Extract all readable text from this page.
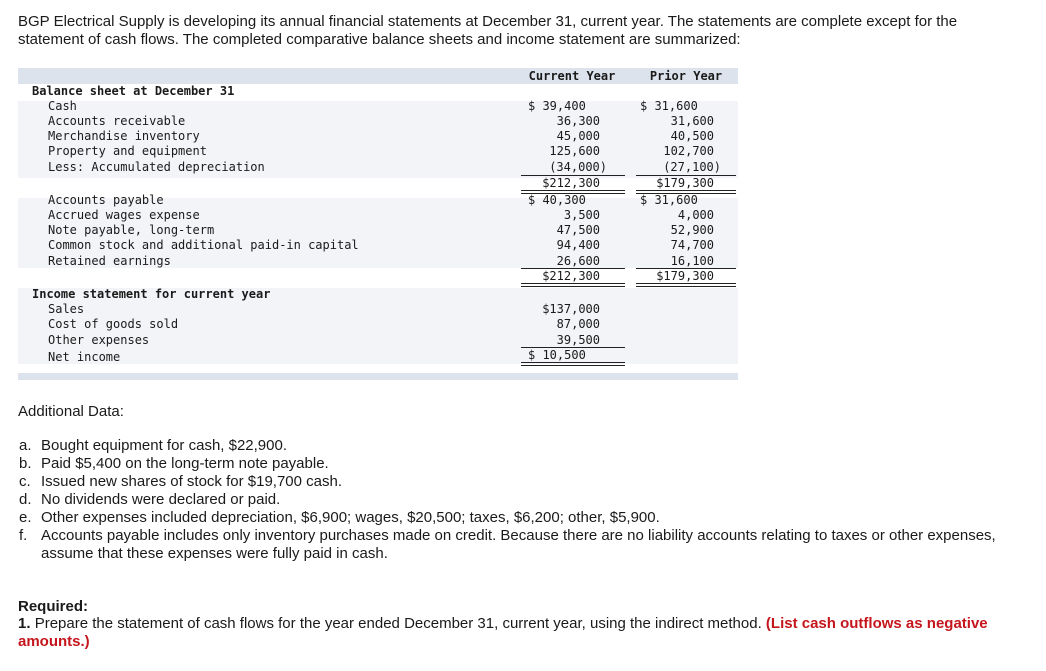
BGP Electrical Supply is developing its annual financial statements at December 31, current year. The statements are complete except for the statement of cash flows. The completed comparative balance sheets and income statement are summarized:
Current Year	Prior Year
Balance sheet at December 31
Cash	$ 39,400	$ 31,600
Accounts receivable	36,300	31,600
Merchandise inventory	45,000	40,500
Property and equipment	125,600	102,700
Less: Accumulated depreciation	(34,000)	(27,100)
$212,300	$179,300
Accounts payable	$ 40,300	$ 31,600
Accrued wages expense	3,500	4,000
Note payable, long-term	47,500	52,900
Common stock and additional paid-in capital	94,400	74,700
Retained earnings	26,600	16,100
$212,300	$179,300
Income statement for current year
Sales	$137,000
Cost of goods sold	87,000
Other expenses	39,500
Net income	$ 10,500
Additional Data:
a. Bought equipment for cash, $22,900.
b. Paid $5,400 on the long-term note payable.
c. Issued new shares of stock for $19,700 cash.
d. No dividends were declared or paid.
e. Other expenses included depreciation, $6,900; wages, $20,500; taxes, $6,200; other, $5,900.
f. Accounts payable includes only inventory purchases made on credit. Because there are no liability accounts relating to taxes or other expenses, assume that these expenses were fully paid in cash.
Required:
1. Prepare the statement of cash flows for the year ended December 31, current year, using the indirect method. (List cash outflows as negative amounts.)
